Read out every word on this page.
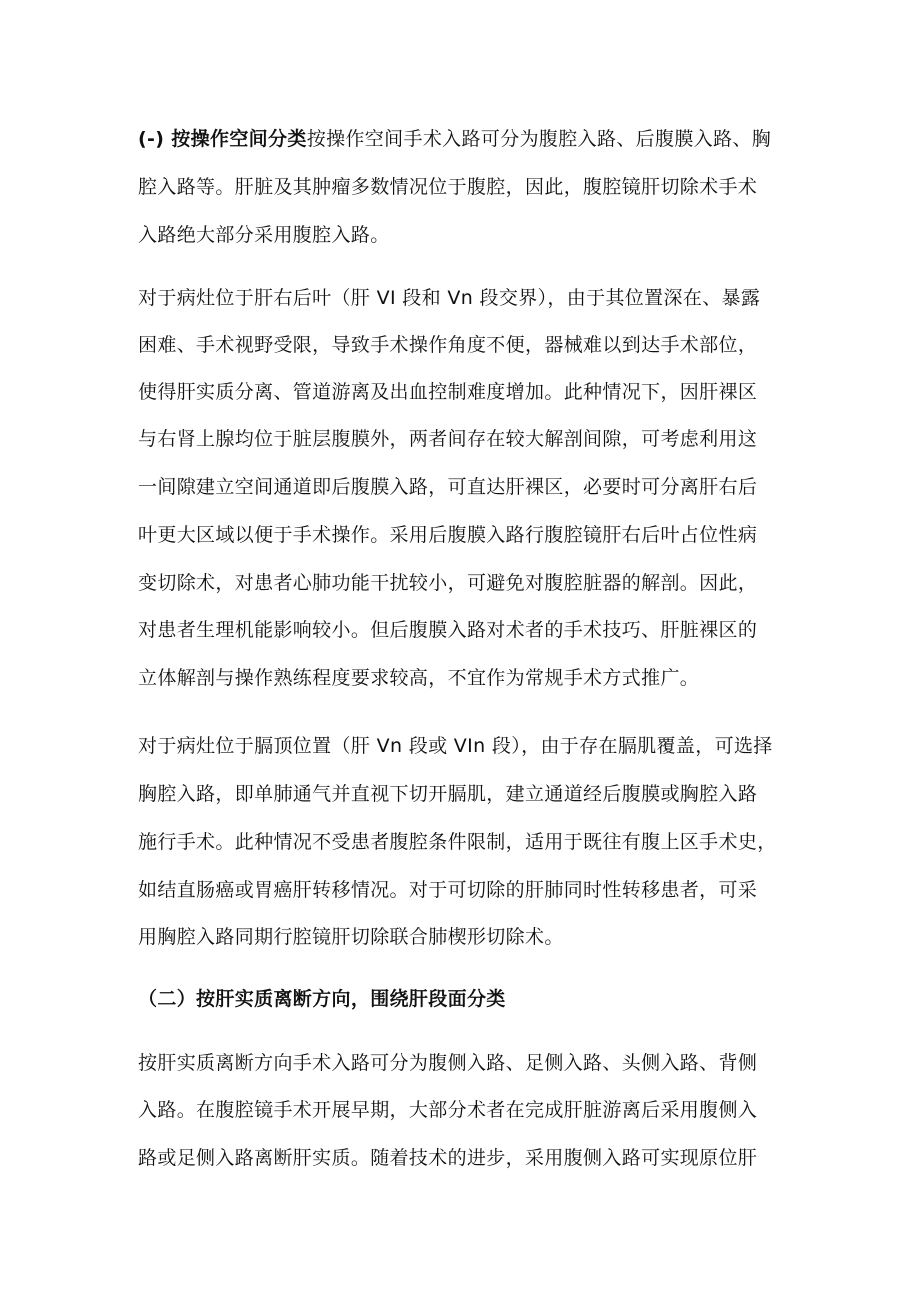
(-) 按操作空间分类按操作空间手术入路可分为腹腔入路、后腹膜入路、胸
腔入路等。肝脏及其肿瘤多数情况位于腹腔，因此，腹腔镜肝切除术手术
入路绝大部分采用腹腔入路。
对于病灶位于肝右后叶（肝 VI 段和 Vn 段交界），由于其位置深在、暴露
困难、手术视野受限，导致手术操作角度不便，器械难以到达手术部位，
使得肝实质分离、管道游离及出血控制难度增加。此种情况下，因肝裸区
与右肾上腺均位于脏层腹膜外，两者间存在较大解剖间隙，可考虑利用这
一间隙建立空间通道即后腹膜入路，可直达肝裸区，必要时可分离肝右后
叶更大区域以便于手术操作。采用后腹膜入路行腹腔镜肝右后叶占位性病
变切除术，对患者心肺功能干扰较小，可避免对腹腔脏器的解剖。因此，
对患者生理机能影响较小。但后腹膜入路对术者的手术技巧、肝脏裸区的
立体解剖与操作熟练程度要求较高，不宜作为常规手术方式推广。
对于病灶位于膈顶位置（肝 Vn 段或 VIn 段），由于存在膈肌覆盖，可选择
胸腔入路，即单肺通气并直视下切开膈肌，建立通道经后腹膜或胸腔入路
施行手术。此种情况不受患者腹腔条件限制，适用于既往有腹上区手术史，
如结直肠癌或胃癌肝转移情况。对于可切除的肝肺同时性转移患者，可采
用胸腔入路同期行腔镜肝切除联合肺楔形切除术。
（二）按肝实质离断方向，围绕肝段面分类
按肝实质离断方向手术入路可分为腹侧入路、足侧入路、头侧入路、背侧
入路。在腹腔镜手术开展早期，大部分术者在完成肝脏游离后采用腹侧入
路或足侧入路离断肝实质。随着技术的进步，采用腹侧入路可实现原位肝
